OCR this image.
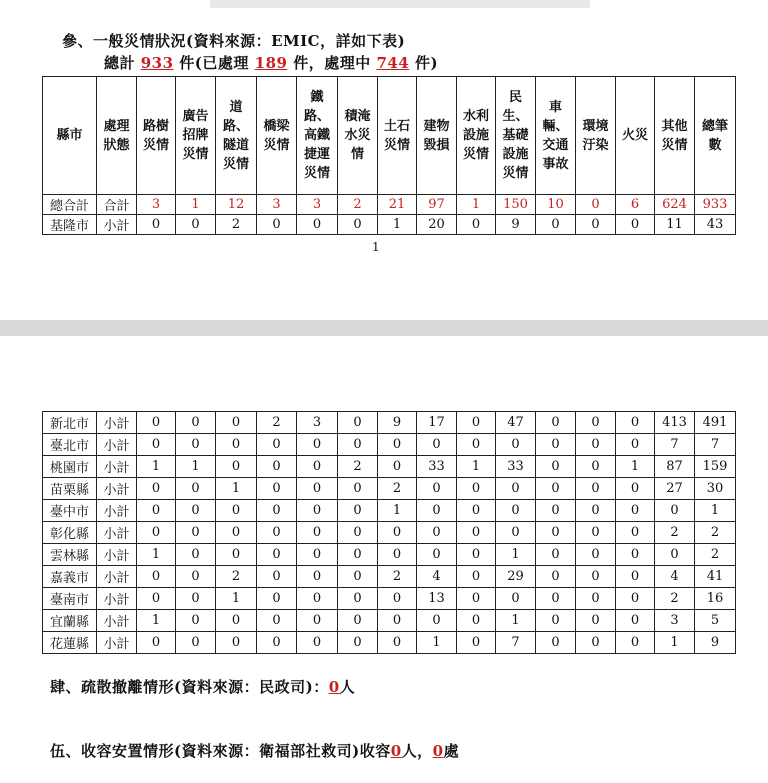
參、一般災情狀況(資料來源：EMIC，詳如下表)
總計 933 件(已處理 189 件，處理中 744 件)
縣市	處理狀態	路樹災情	廣告招牌災情	道路、隧道災情	橋梁災情	鐵路、高鐵捷運災情	積淹水災情	土石災情	建物毀損	水利設施災情	民生、基礎設施災情	車輛、交通事故	環境汙染	火災	其他災情	總筆數
總合計	合計	3	1	12	3	3	2	21	97	1	150	10	0	6	624	933
基隆市	小計	0	0	2	0	0	0	1	20	0	9	0	0	0	11	43
1
新北市	小計	0	0	0	2	3	0	9	17	0	47	0	0	0	413	491
臺北市	小計	0	0	0	0	0	0	0	0	0	0	0	0	0	7	7
桃園市	小計	1	1	0	0	0	2	0	33	1	33	0	0	1	87	159
苗栗縣	小計	0	0	1	0	0	0	2	0	0	0	0	0	0	27	30
臺中市	小計	0	0	0	0	0	0	1	0	0	0	0	0	0	0	1
彰化縣	小計	0	0	0	0	0	0	0	0	0	0	0	0	0	2	2
雲林縣	小計	1	0	0	0	0	0	0	0	0	1	0	0	0	0	2
嘉義市	小計	0	0	2	0	0	0	2	4	0	29	0	0	0	4	41
臺南市	小計	0	0	1	0	0	0	0	13	0	0	0	0	0	2	16
宜蘭縣	小計	1	0	0	0	0	0	0	0	0	1	0	0	0	3	5
花蓮縣	小計	0	0	0	0	0	0	0	1	0	7	0	0	0	1	9
肆、疏散撤離情形(資料來源：民政司)：0人
伍、收容安置情形(資料來源：衛福部社救司)收容0人，0處
